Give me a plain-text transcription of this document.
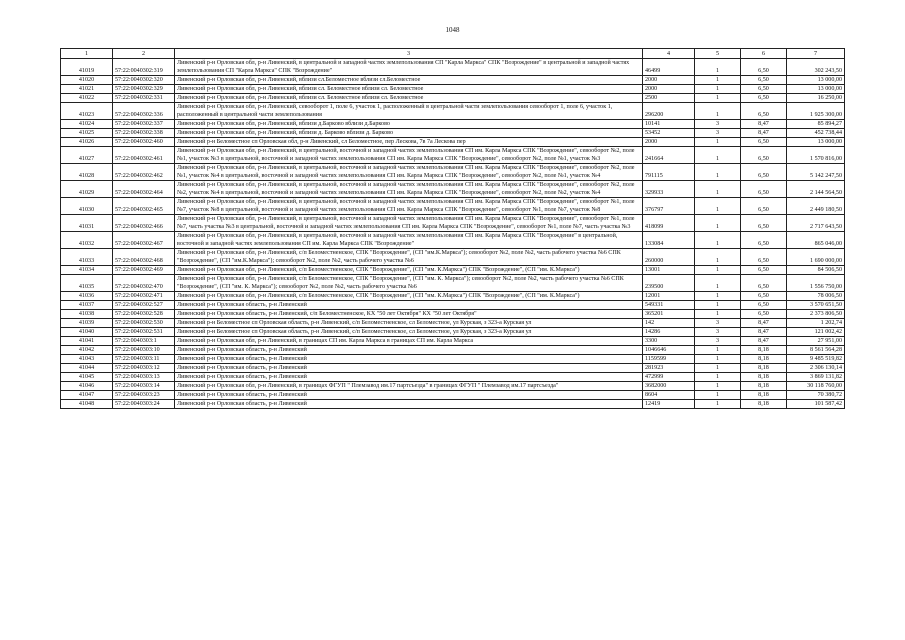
1048
1	2	3	4	5	6	7
41019	57:22:0040302:319	Ливенский р-н Орловская обл, р-н Ливенский, в центральной и западной частях землепользования СП "Карла Маркса" СПК "Возрождение" в центральной и западной частях землепользования СП "Карла Маркса" СПК "Возрождение"	46499	1	6,50	302 243,50
41020	57:22:0040302:320	Ливенский р-н Орловская обл, р-н Ливенский, вблизи сл.Беломестное вблизи сл.Беломестное	2000	1	6,50	13 000,00
41021	57:22:0040302:329	Ливенский р-н Орловская обл, р-н Ливенский, вблизи сл. Беломестное вблизи сл. Беломестное	2000	1	6,50	13 000,00
41022	57:22:0040302:331	Ливенский р-н Орловская обл, р-н Ливенский, вблизи сл. Беломестное вблизи сл. Беломестное	2500	1	6,50	16 250,00
41023	57:22:0040302:336	Ливенский р-н Орловская обл, р-н Ливенский, севооборот 1, поле 6, участок 1, расположенный в центральной части землепользования севооборот 1, поле 6, участок 1, расположенный в центральной части землепользования	296200	1	6,50	1 925 300,00
41024	57:22:0040302:337	Ливенский р-н Орловская обл, р-н Ливенский, вблизи д.Барково вблизи д.Барково	10141	3	8,47	85 894,27
41025	57:22:0040302:338	Ливенский р-н Орловская обл, р-н Ливенский, вблизи д. Барково вблизи д. Барково	53452	3	8,47	452 738,44
41026	57:22:0040302:460	Ливенский р-н Беломестное сп Орловская обл, р-н Ливенский, сл Беломестное, пер Лескова, 7в 7а Лескова пер	2000	1	6,50	13 000,00
41027	57:22:0040302:461	Ливенский р-н Орловская обл, р-н Ливенский, в центральной, восточной и западной частях землепользования СП им. Карла Маркса СПК "Возрождение", севооборот №2, поле №1, участок №3 в центральной, восточной и западной частях землепользования СП им. Карла Маркса СПК "Возрождение", севооборот №2, поле №1, участок №3	241664	1	6,50	1 570 816,00
41028	57:22:0040302:462	Ливенский р-н Орловская обл, р-н Ливенский, в центральной, восточной и западной частях землепользования СП им. Карла Маркса СПК "Возрождение", севооборот №2, поле №1, участок №4 в центральной, восточной и западной частях землепользования СП им. Карла Маркса СПК "Возрождение", севооборот №2, поле №1, участок №4	791115	1	6,50	5 142 247,50
41029	57:22:0040302:464	Ливенский р-н Орловская обл, р-н Ливенский, в центральной, восточной и западной частях землепользования СП им. Карла Маркса СПК "Возрождение", севооборот №2, поле №2, участок №4 в центральной, восточной и западной частях землепользования СП им. Карла Маркса СПК "Возрождение", севооборот №2, поле №2, участок №4	329933	1	6,50	2 144 564,50
41030	57:22:0040302:465	Ливенский р-н Орловская обл, р-н Ливенский, в центральной, восточной и западной частях землепользования СП им. Карла Маркса СПК "Возрождение", севооборот №1, поле №7, участок №8 в центральной, восточной и западной частях землепользования СП им. Карла Маркса СПК "Возрождение", севооборот №1, поле №7, участок №8	376797	1	6,50	2 449 180,50
41031	57:22:0040302:466	Ливенский р-н Орловская обл, р-н Ливенский, в центральной, восточной и западной частях землепользования СП им. Карла Маркса СПК "Возрождение", севооборот №1, поле №7, часть участка №3 в центральной, восточной и западной частях землепользования СП им. Карла Маркса СПК "Возрождение", севооборот №1, поле №7, часть участка №3	418099	1	6,50	2 717 643,50
41032	57:22:0040302:467	Ливенский р-н Орловская обл, р-н Ливенский, в центральной, восточной и западной частях землепользования СП им. Карла Маркса СПК "Возрождение" в центральной, восточной и западной частях землепользования СП им. Карла Маркса СПК "Возрождение"	133084	1	6,50	865 046,00
41033	57:22:0040302:468	Ливенский р-н Орловская обл, р-н Ливенский, с/п Беломестненское, СПК "Возрождение", (СП "им.К.Маркса"); севооборот №2, поле №2, часть рабочего участка №6 СПК "Возрождение", (СП "им.К.Маркса"); севооборот №2, поле №2, часть рабочего участка №6	260000	1	6,50	1 690 000,00
41034	57:22:0040302:469	Ливенский р-н Орловская обл, р-н Ливенский, с/п Беломестненское, СПК "Возрождение", (СП "им. К.Маркса") СПК "Возрождение", (СП "им. К.Маркса")	13001	1	6,50	84 506,50
41035	57:22:0040302:470	Ливенский р-н Орловская обл, р-н Ливенский, с/п Беломестненское, СПК "Возрождение", (СП "им. К. Маркса"); севооборот №2, поле №2, часть рабочего участка №6 СПК "Возрождение", (СП "им. К. Маркса"); севооборот №2, поле №2, часть рабочего участка №6	239500	1	6,50	1 556 750,00
41036	57:22:0040302:471	Ливенский р-н Орловская обл, р-н Ливенский, с/п Беломестненское, СПК "Возрождение", (СП "им. К.Маркса") СПК "Возрождение", (СП "им. К.Маркса")	12001	1	6,50	78 006,50
41037	57:22:0040302:527	Ливенский р-н Орловская область, р-н Ливенский	549331	1	6,50	3 570 651,50
41038	57:22:0040302:528	Ливенский р-н Орловская область, р-н Ливенский, с/п Беломестненское, КХ "50 лет Октября" КХ "50 лет Октября"	365201	1	6,50	2 373 806,50
41039	57:22:0040302:530	Ливенский р-н Беломестное сп Орловская область, р-н Ливенский, с/п Беломестненское, сл Беломестное, ул Курская, з 323-а Курская ул	142	3	8,47	1 202,74
41040	57:22:0040302:531	Ливенский р-н Беломестное сп Орловская область, р-н Ливенский, с/п Беломестненское, сл Беломестное, ул Курская, з 323-а Курская ул	14286	3	8,47	121 002,42
41041	57:22:0040303:1	Ливенский р-н Орловская обл, р-н Ливенский, в границах СП им. Карла Маркса в границах СП им. Карла Маркса	3300	3	8,47	27 951,00
41042	57:22:0040303:10	Ливенский р-н Орловская область, р-н Ливенский	1046646	1	8,18	8 561 564,28
41043	57:22:0040303:11	Ливенский р-н Орловская область, р-н Ливенский	1159599	1	8,18	9 485 519,82
41044	57:22:0040303:12	Ливенский р-н Орловская область, р-н Ливенский	281923	1	8,18	2 306 130,14
41045	57:22:0040303:13	Ливенский р-н Орловская область, р-н Ливенский	472999	1	8,18	3 869 131,82
41046	57:22:0040303:14	Ливенский р-н Орловская обл, р-н Ливенский, в границах ФГУП " Племзавод им.17 партсъезда" в границах ФГУП " Племзавод им.17 партсъезда"	3682000	1	8,18	30 118 760,00
41047	57:22:0040303:23	Ливенский р-н Орловская область, р-н Ливенский	8604	1	8,18	70 380,72
41048	57:22:0040303:24	Ливенский р-н Орловская область, р-н Ливенский	12419	1	8,18	101 587,42
